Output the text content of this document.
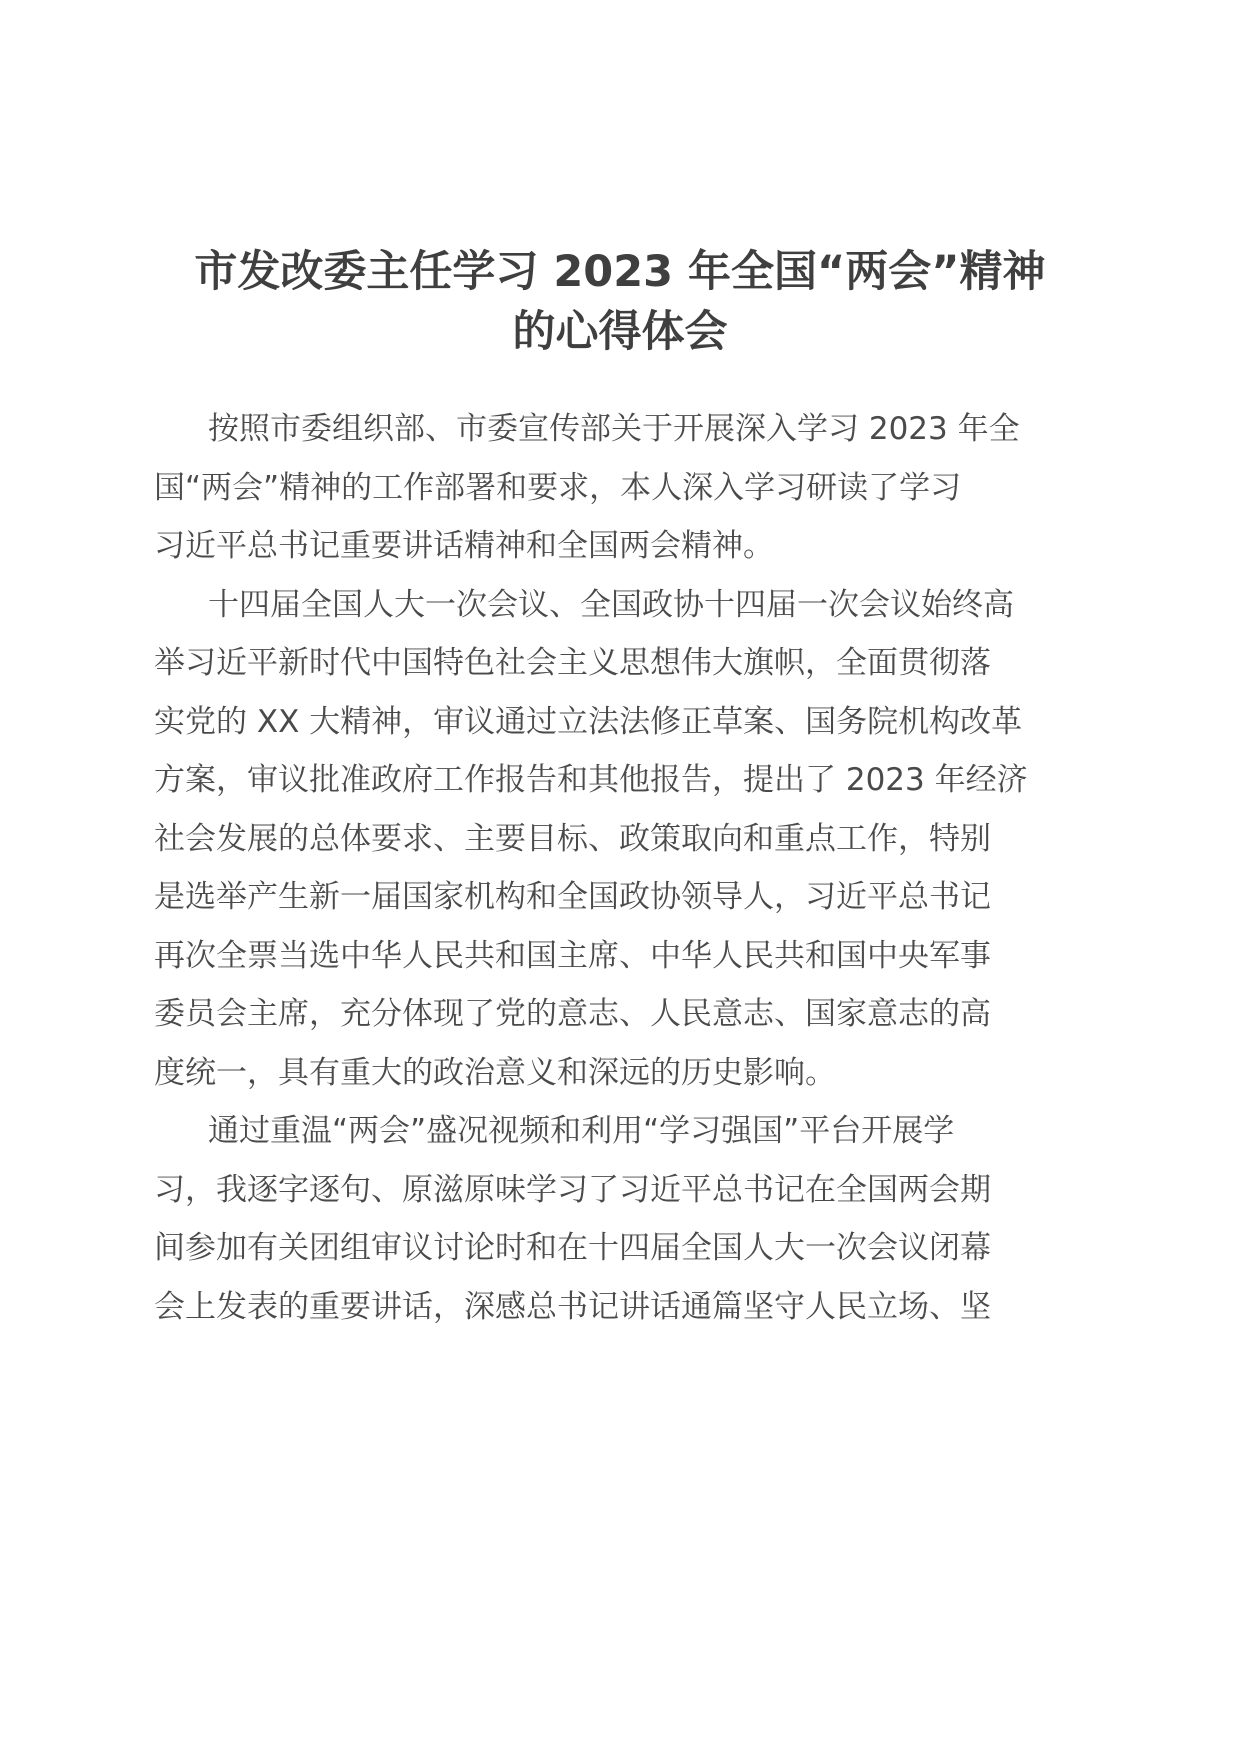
市发改委主任学习 2023 年全国“两会”精神
的心得体会

按照市委组织部、市委宣传部关于开展深入学习 2023 年全
国“两会”精神的工作部署和要求，本人深入学习研读了学习
习近平总书记重要讲话精神和全国两会精神。

十四届全国人大一次会议、全国政协十四届一次会议始终高
举习近平新时代中国特色社会主义思想伟大旗帜，全面贯彻落
实党的 XX 大精神，审议通过立法法修正草案、国务院机构改革
方案，审议批准政府工作报告和其他报告，提出了 2023 年经济
社会发展的总体要求、主要目标、政策取向和重点工作，特别
是选举产生新一届国家机构和全国政协领导人，习近平总书记
再次全票当选中华人民共和国主席、中华人民共和国中央军事
委员会主席，充分体现了党的意志、人民意志、国家意志的高
度统一，具有重大的政治意义和深远的历史影响。

通过重温“两会”盛况视频和利用“学习强国”平台开展学
习，我逐字逐句、原滋原味学习了习近平总书记在全国两会期
间参加有关团组审议讨论时和在十四届全国人大一次会议闭幕
会上发表的重要讲话，深感总书记讲话通篇坚守人民立场、坚
